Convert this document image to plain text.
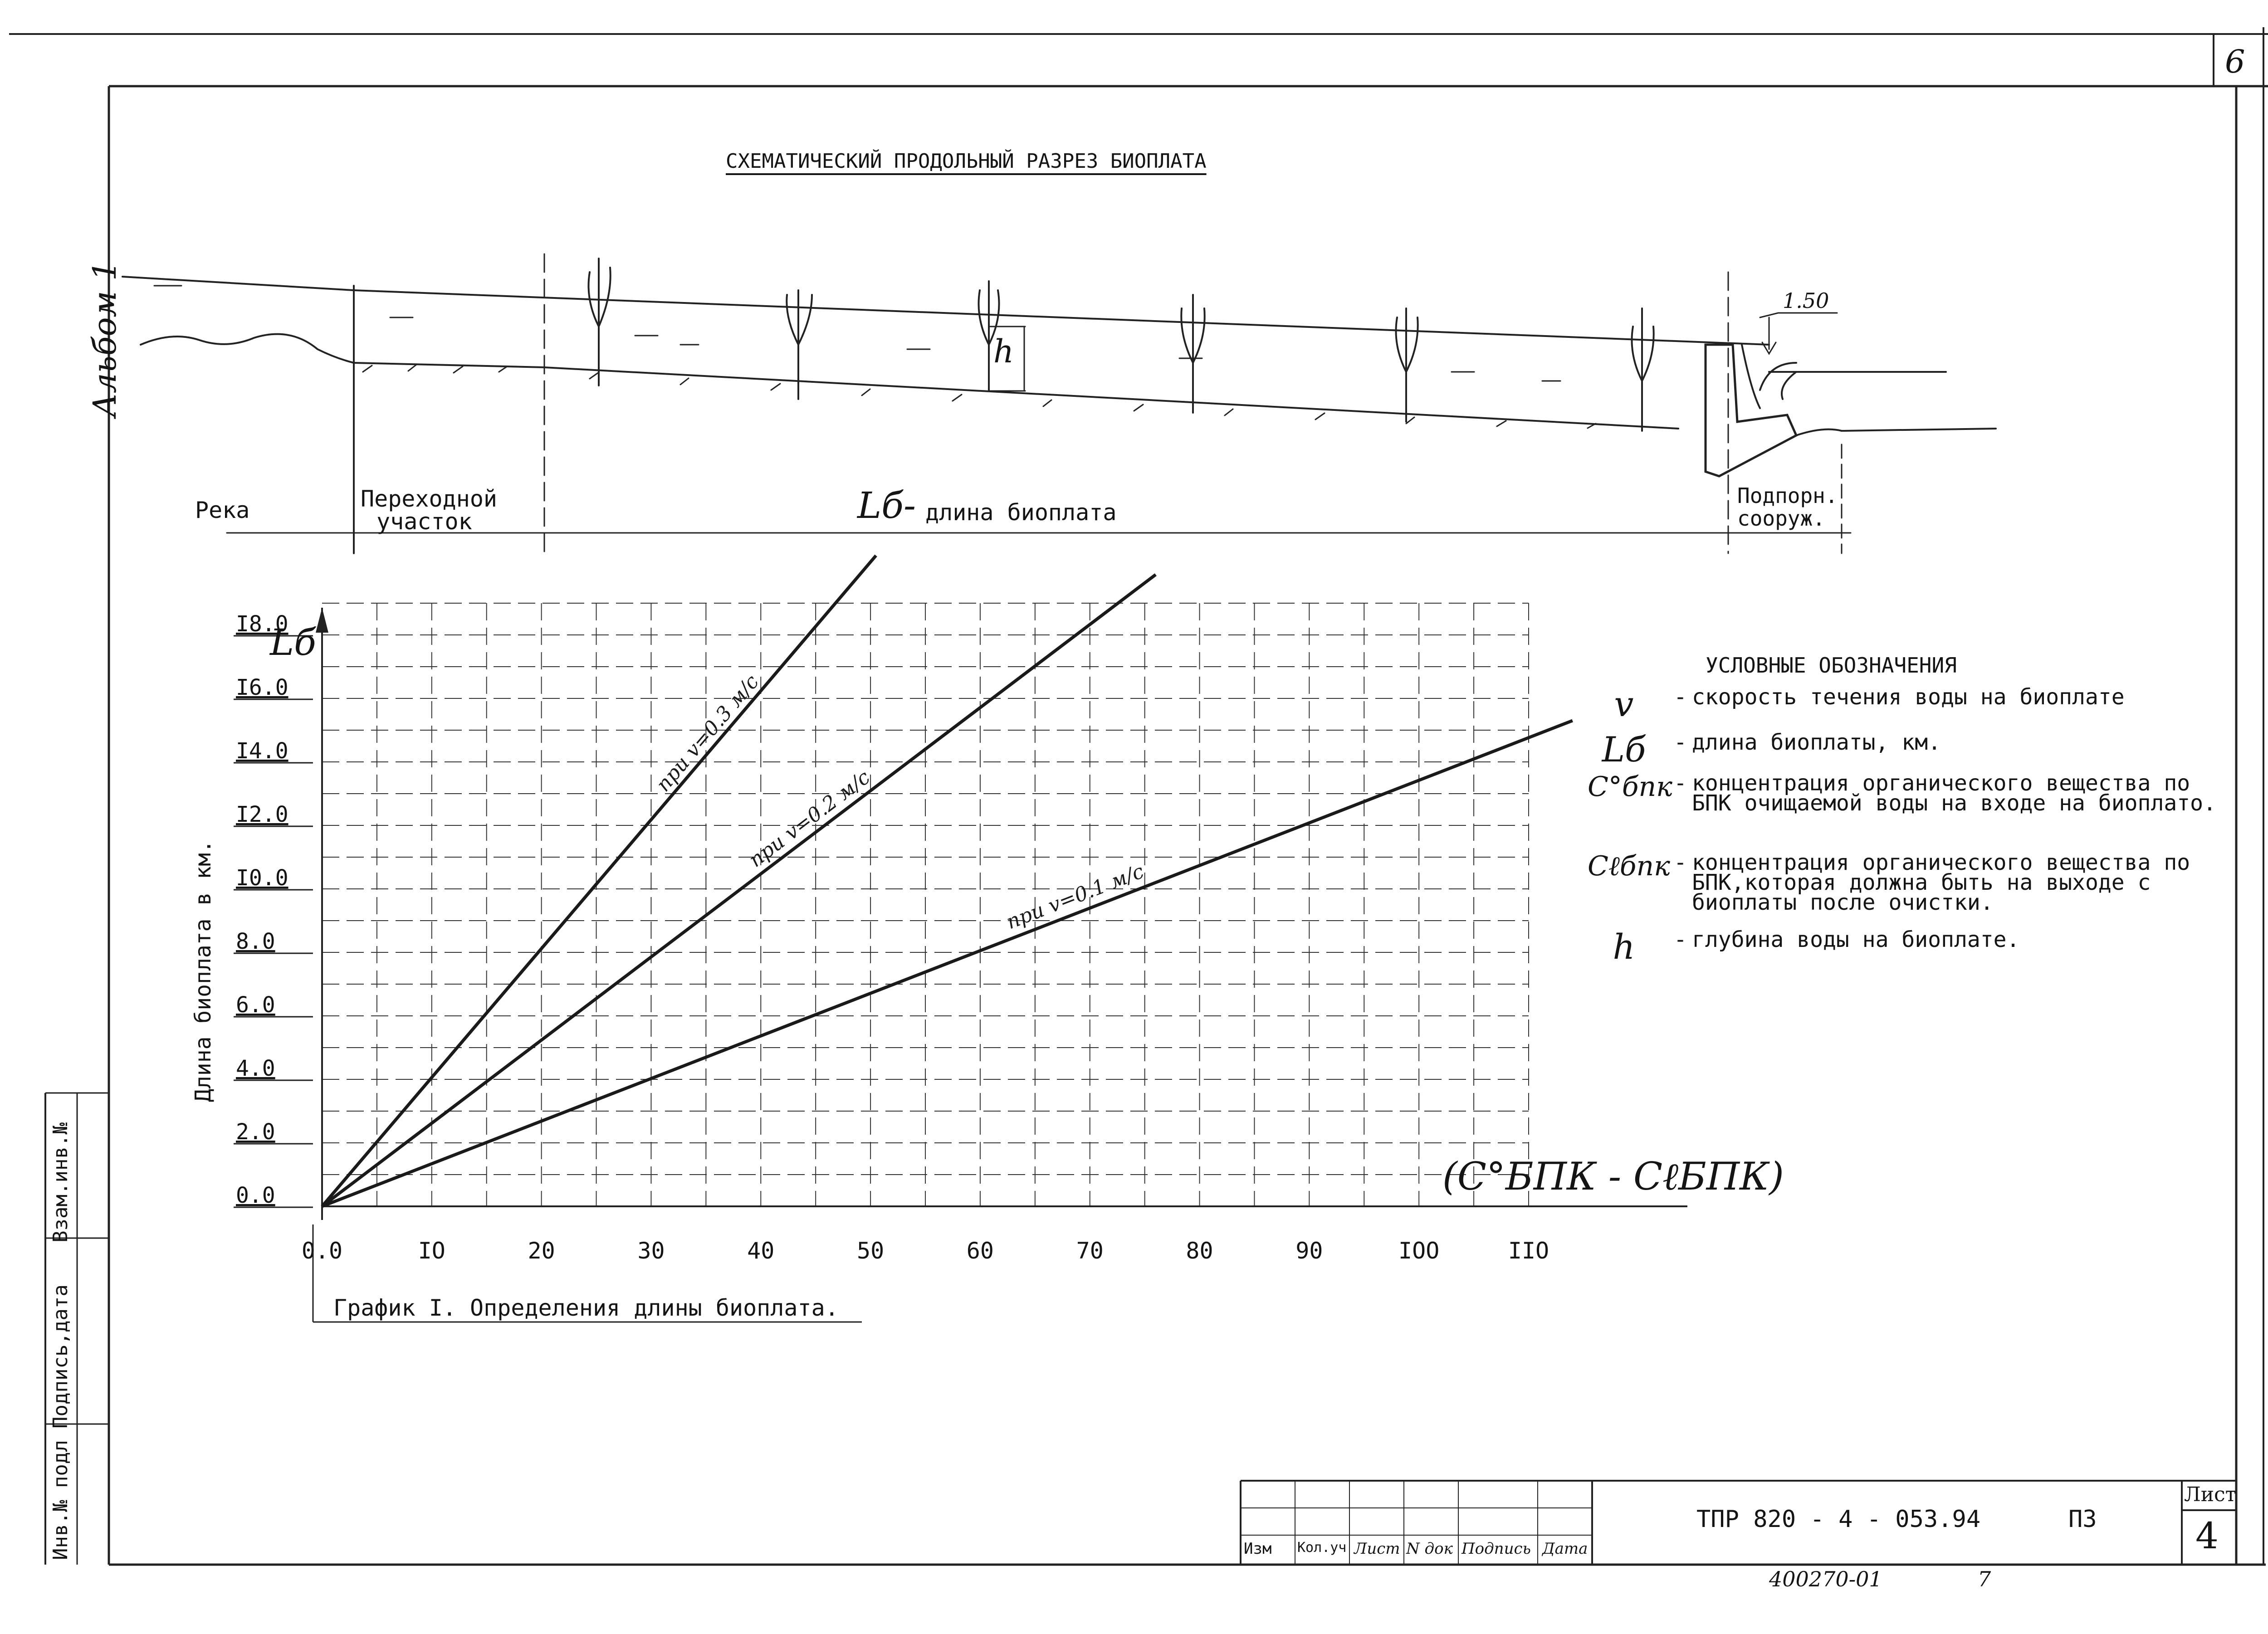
6
Альбом 1
Инв.№ подл
Подпись,дата
Взам.инв.№
СХЕМАТИЧЕСКИЙ ПРОДОЛЬНЫЙ РАЗРЕЗ БИОПЛАТА
1.50
h
Река	Переходной
участок	Lб- длина биоплата
Подпорн.
сооруж.
при v=0.3 м/с
при v=0.2 м/с
при v=0.1 м/с
0.0
2.0
4.0
6.0
8.0
I0.0
I2.0
I4.0
I6.0
I8.0
0.0	IO	20	30	40	50	60	70	80	90	IOO	IIO
Lб
Длина биоплата в км.
(C°БПК - CℓБПК)
График I. Определения длины биоплата.
УСЛОВНЫЕ ОБОЗНАЧЕНИЯ
v	- скорость течения воды на биоплате
Lб	- длина биоплаты, км.
C°бпк - концентрация органического вещества по БПК очищаемой воды на входе на биоплато.
Cℓбпк - концентрация органического вещества по БПК,которая должна быть на выходе с биоплаты после очистки.
h	- глубина воды на биоплате.
Изм Кол.уч Лист N док Подпись Дата
ТПР 820 - 4 - 053.94	ПЗ
Лист
4
400270-01	7
